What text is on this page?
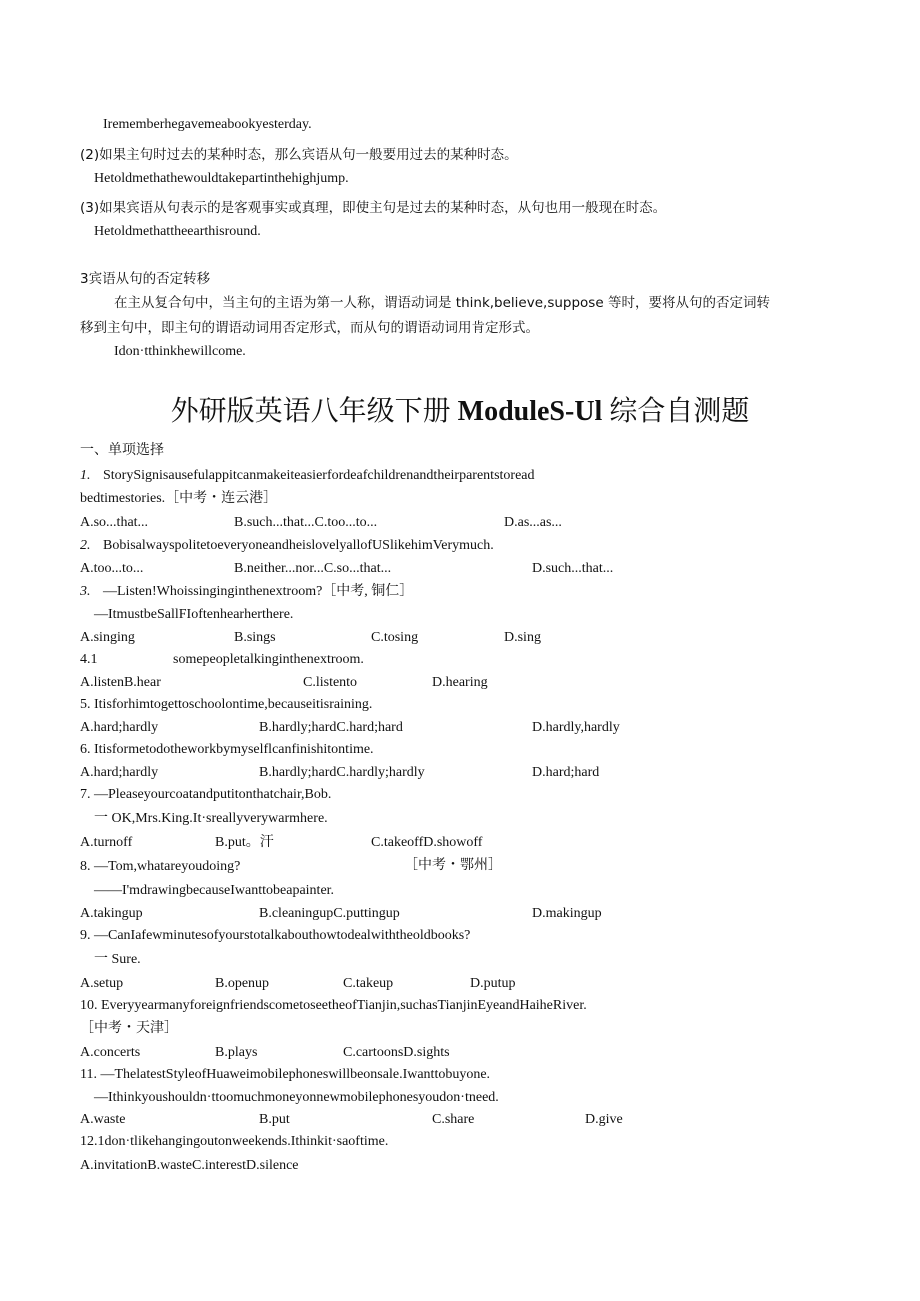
Irememberhegavemeabookyesterday.
(2)如果主句时过去的某种时态，那么宾语从句一般要用过去的某种时态。
Hetoldmethathewouldtakepartinthehighjump.
(3)如果宾语从句表示的是客观事实或真理，即使主句是过去的某种时态，从句也用一般现在时态。
Hetoldmethattheearthisround.
3宾语从句的否定转移
在主从复合句中，当主句的主语为第一人称，谓语动词是 think,believe,suppose 等时，要将从句的否定词转
移到主句中，即主句的谓语动词用否定形式，而从句的谓语动词用肯定形式。
Idon·tthinkhewillcome.
外研版英语八年级下册 ModuleS-Ul 综合自测题
一、单项选择
1. StorySignisausefulappitcanmakeiteasierfordeafchildrenandtheirparentstoread
bedtimestories.［中考・连云港］
A.so...that...	B.such...that...C.too...to...	D.as...as...
2. BobisalwayspolitetoeveryoneandheislovelyallofUSlikehimVerymuch.
A.too...to...	B.neither...nor...C.so...that...	D.such...that...
3. —Listen!Whoissinginginthenextroom?［中考, 铜仁］
—ItmustbeSallFIoftenhearherthere.
A.singing	B.sings	C.tosing	D.sing
4.1	somepeopletalkinginthenextroom.
A.listenB.hear	C.listento	D.hearing
5. Itisforhimtogettoschoolontime,becauseitisraining.
A.hard;hardly	B.hardly;hardC.hard;hard	D.hardly,hardly
6. Itisformetodotheworkbymyselflcanfinishitontime.
A.hard;hardly	B.hardly;hardC.hardly;hardly	D.hard;hard
7. —Pleaseyourcoatandputitonthatchair,Bob.
一 OK,Mrs.King.It·sreallyverywarmhere.
A.turnoff	B.put。汗	C.takeoffD.showoff
8. —Tom,whatareyoudoing?	［中考・鄂州］
——I'mdrawingbecauseIwanttobeapainter.
A.takingup	B.cleaningupC.puttingup	D.makingup
9. —CanIafewminutesofyourstotalkabouthowtodealwiththeoldbooks?
一 Sure.
A.setup	B.openup	C.takeup	D.putup
10. EveryyearmanyforeignfriendscometoseetheofTianjin,suchasTianjinEyeandHaiheRiver.
［中考・天津］
A.concerts	B.plays	C.cartoonsD.sights
11. —ThelatestStyleofHuaweimobilephoneswillbeonsale.Iwanttobuyone.
—Ithinkyoushouldn·ttoomuchmoneyonnewmobilephonesyoudon·tneed.
A.waste	B.put	C.share	D.give
12.1don·tlikehangingoutonweekends.Ithinkit·saoftime.
A.invitationB.wasteC.interestD.silence
